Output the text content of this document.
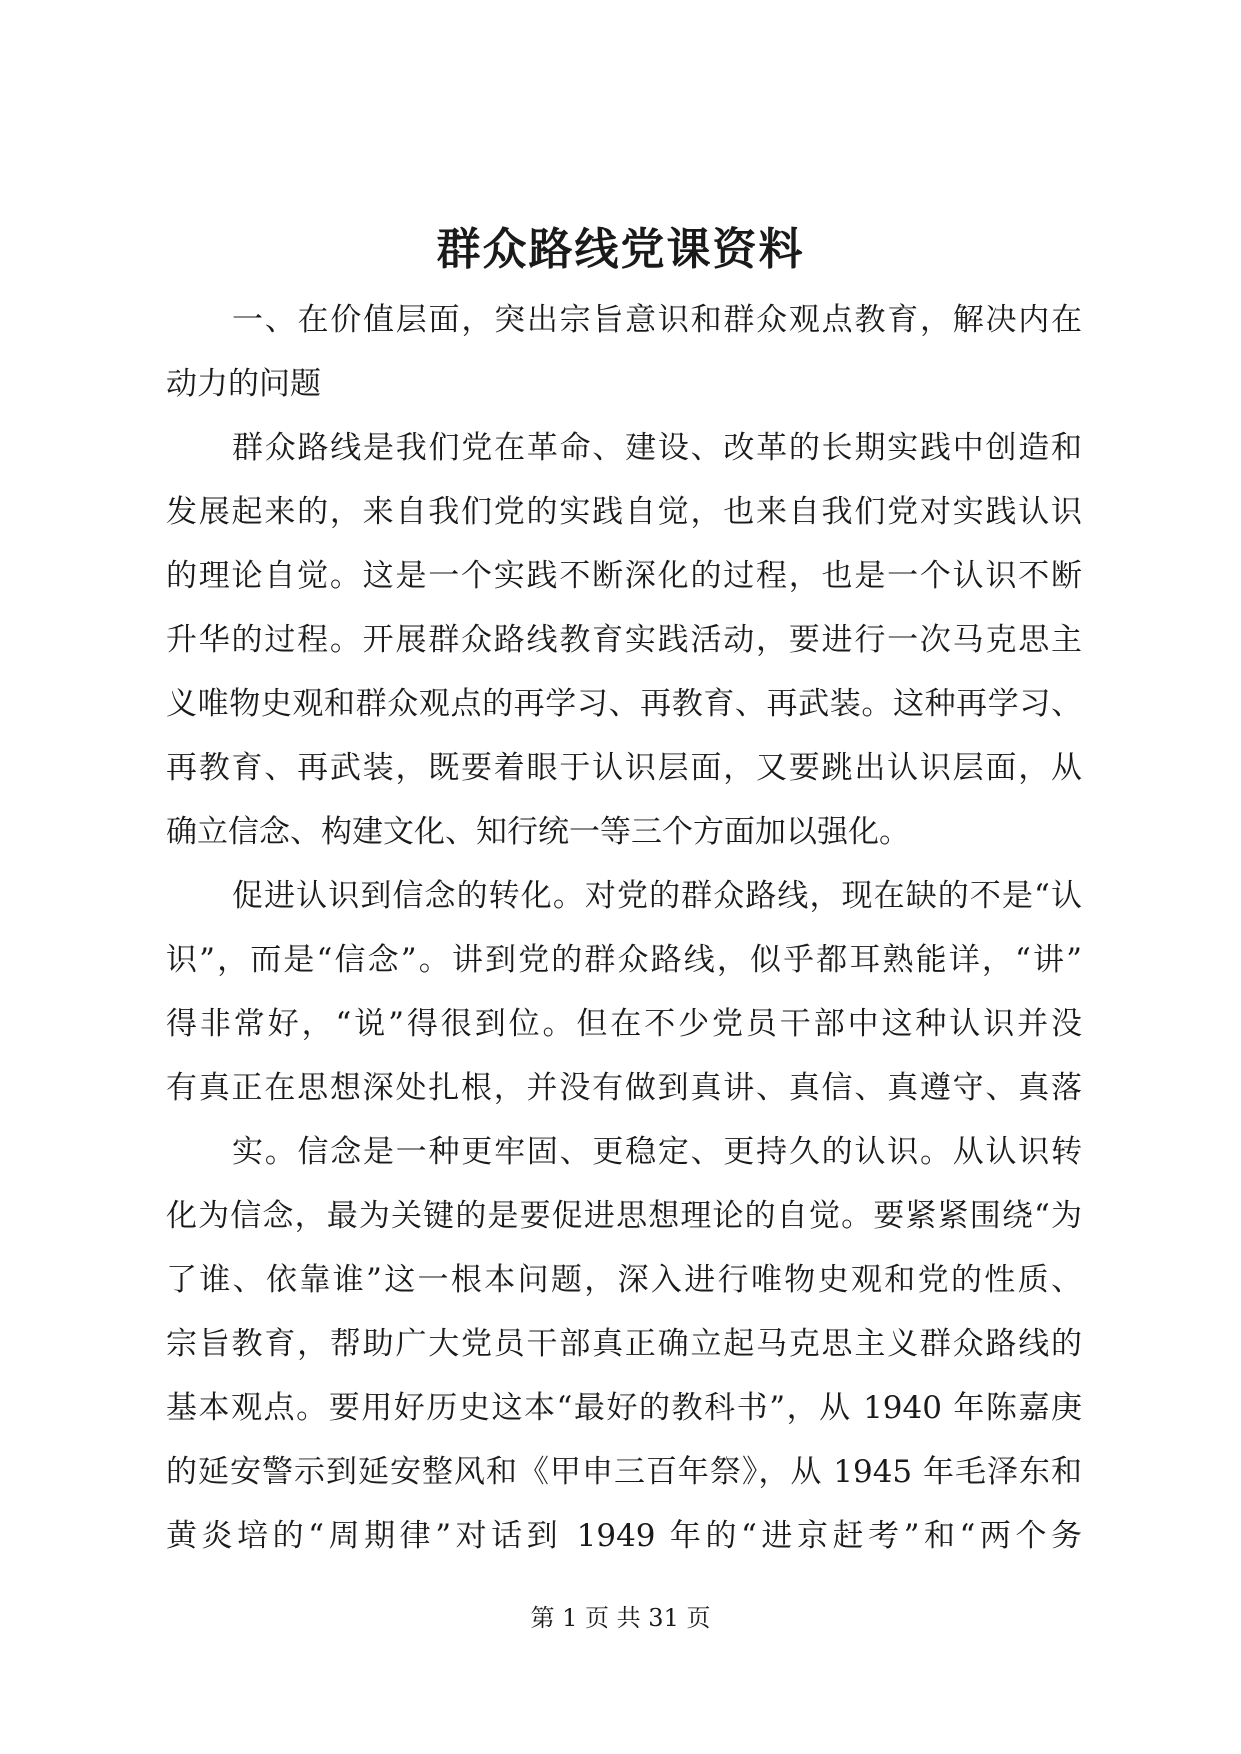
群众路线党课资料
一、在价值层面，突出宗旨意识和群众观点教育，解决内在
动力的问题
群众路线是我们党在革命、建设、改革的长期实践中创造和
发展起来的，来自我们党的实践自觉，也来自我们党对实践认识
的理论自觉。这是一个实践不断深化的过程，也是一个认识不断
升华的过程。开展群众路线教育实践活动，要进行一次马克思主
义唯物史观和群众观点的再学习、再教育、再武装。这种再学习、
再教育、再武装，既要着眼于认识层面，又要跳出认识层面，从
确立信念、构建文化、知行统一等三个方面加以强化。
促进认识到信念的转化。对党的群众路线，现在缺的不是“认
识”，而是“信念”。讲到党的群众路线，似乎都耳熟能详，“讲”
得非常好，“说”得很到位。但在不少党员干部中这种认识并没
有真正在思想深处扎根，并没有做到真讲、真信、真遵守、真落
实。信念是一种更牢固、更稳定、更持久的认识。从认识转
化为信念，最为关键的是要促进思想理论的自觉。要紧紧围绕“为
了谁、依靠谁”这一根本问题，深入进行唯物史观和党的性质、
宗旨教育，帮助广大党员干部真正确立起马克思主义群众路线的
基本观点。要用好历史这本“最好的教科书”，从 1940 年陈嘉庚
的延安警示到延安整风和《甲申三百年祭》，从 1945 年毛泽东和
黄炎培的“周期律”对话到 1949 年的“进京赶考”和“两个务
第 1 页 共 31 页
